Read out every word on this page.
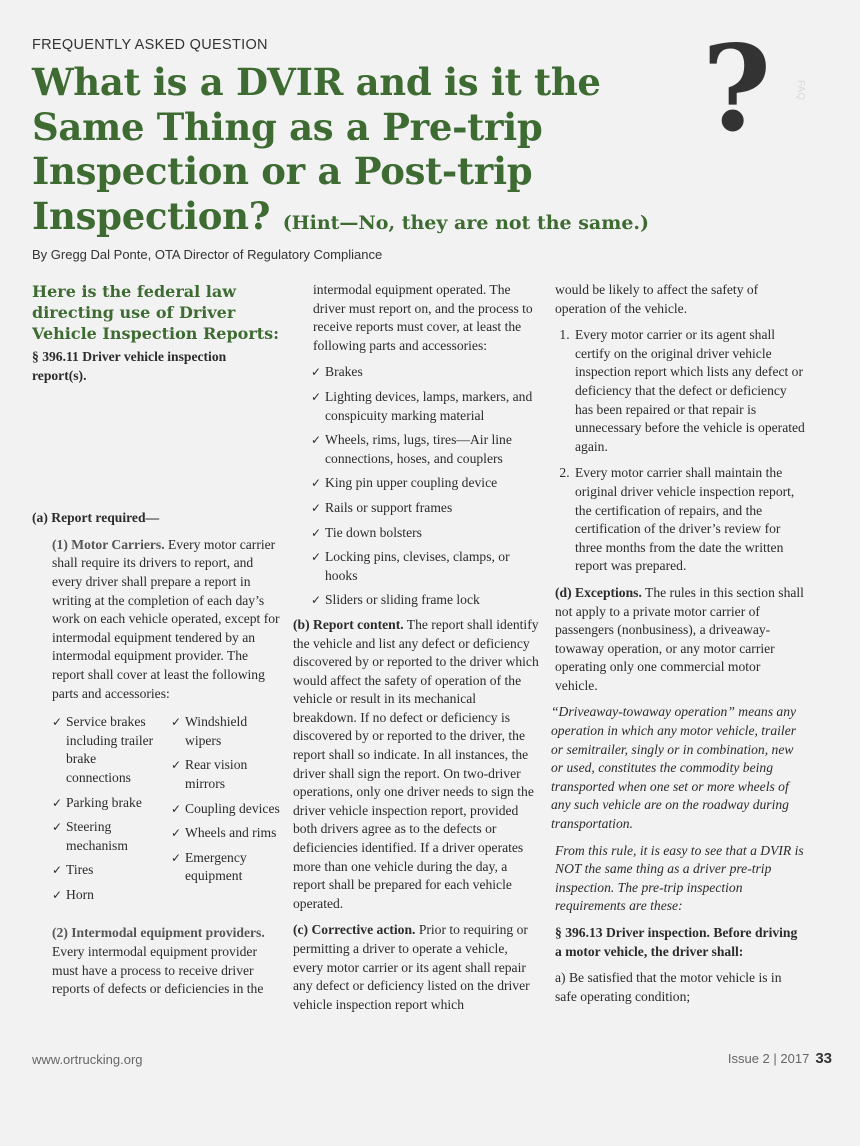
FREQUENTLY ASKED QUESTION	? FAQ
What is a DVIR and is it the Same Thing as a Pre-trip Inspection or a Post-trip Inspection? (Hint—No, they are not the same.)
By Gregg Dal Ponte, OTA Director of Regulatory Compliance
Here is the federal law directing use of Driver Vehicle Inspection Reports:
§ 396.11 Driver vehicle inspection report(s).

(a) Report required—

(1) Motor Carriers. Every motor carrier shall require its drivers to report, and every driver shall prepare a report in writing at the completion of each day’s work on each vehicle operated, except for intermodal equipment tendered by an intermodal equipment provider. The report shall cover at least the following parts and accessories:

✓ Service brakes including trailer brake connections
✓ Parking brake
✓ Steering mechanism
✓ Tires
✓ Horn
✓ Windshield wipers
✓ Rear vision mirrors
✓ Coupling devices
✓ Wheels and rims
✓ Emergency equipment

(2) Intermodal equipment providers. Every intermodal equipment provider must have a process to receive driver reports of defects or deficiencies in the

intermodal equipment operated. The driver must report on, and the process to receive reports must cover, at least the following parts and accessories:

✓ Brakes
✓ Lighting devices, lamps, markers, and conspicuity marking material
✓ Wheels, rims, lugs, tires—Air line connections, hoses, and couplers
✓ King pin upper coupling device
✓ Rails or support frames
✓ Tie down bolsters
✓ Locking pins, clevises, clamps, or hooks
✓ Sliders or sliding frame lock

(b) Report content. The report shall identify the vehicle and list any defect or deficiency discovered by or reported to the driver which would affect the safety of operation of the vehicle or result in its mechanical breakdown. If no defect or deficiency is discovered by or reported to the driver, the report shall so indicate. In all instances, the driver shall sign the report. On two-driver operations, only one driver needs to sign the driver vehicle inspection report, provided both drivers agree as to the defects or deficiencies identified. If a driver operates more than one vehicle during the day, a report shall be prepared for each vehicle operated.

(c) Corrective action. Prior to requiring or permitting a driver to operate a vehicle, every motor carrier or its agent shall repair any defect or deficiency listed on the driver vehicle inspection report which

would be likely to affect the safety of operation of the vehicle.

1. Every motor carrier or its agent shall certify on the original driver vehicle inspection report which lists any defect or deficiency that the defect or deficiency has been repaired or that repair is unnecessary before the vehicle is operated again.
2. Every motor carrier shall maintain the original driver vehicle inspection report, the certification of repairs, and the certification of the driver’s review for three months from the date the written report was prepared.

(d) Exceptions. The rules in this section shall not apply to a private motor carrier of passengers (nonbusiness), a driveaway-towaway operation, or any motor carrier operating only one commercial motor vehicle.

“Driveaway-towaway operation” means any operation in which any motor vehicle, trailer or semitrailer, singly or in combination, new or used, constitutes the commodity being transported when one set or more wheels of any such vehicle are on the roadway during transportation.

From this rule, it is easy to see that a DVIR is NOT the same thing as a driver pre-trip inspection. The pre-trip inspection requirements are these:

§ 396.13 Driver inspection. Before driving a motor vehicle, the driver shall:

a) Be satisfied that the motor vehicle is in safe operating condition;

www.ortrucking.org	Issue 2 | 2017 33
